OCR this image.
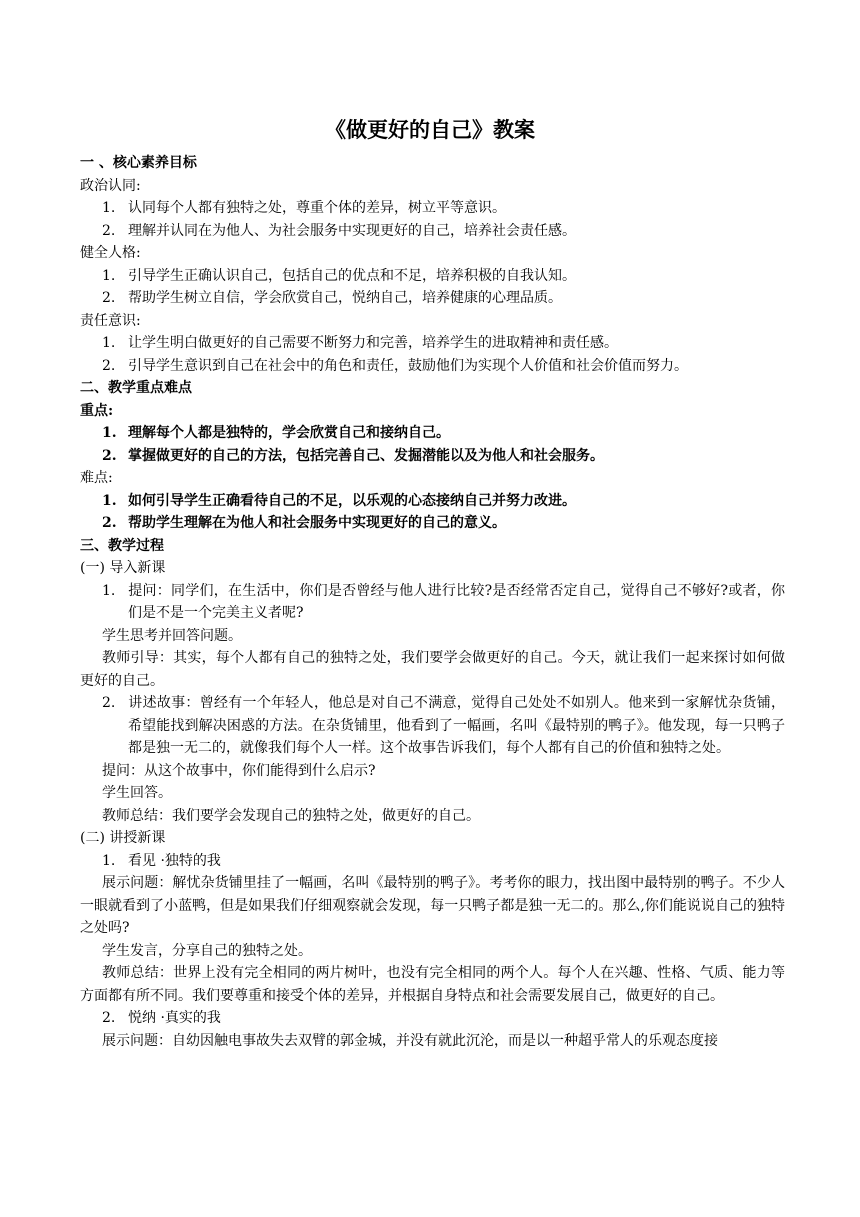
《做更好的自己》教案
一 、核心素养目标
政治认同:
1. 认同每个人都有独特之处，尊重个体的差异，树立平等意识。
2. 理解并认同在为他人、为社会服务中实现更好的自己，培养社会责任感。
健全人格:
1. 引导学生正确认识自己，包括自己的优点和不足，培养积极的自我认知。
2. 帮助学生树立自信，学会欣赏自己，悦纳自己，培养健康的心理品质。
责任意识:
1. 让学生明白做更好的自己需要不断努力和完善，培养学生的进取精神和责任感。
2. 引导学生意识到自己在社会中的角色和责任，鼓励他们为实现个人价值和社会价值而努力。
二、教学重点难点
重点:
1. 理解每个人都是独特的，学会欣赏自己和接纳自己。
2. 掌握做更好的自己的方法，包括完善自己、发掘潜能以及为他人和社会服务。
难点:
1. 如何引导学生正确看待自己的不足，以乐观的心态接纳自己并努力改进。
2. 帮助学生理解在为他人和社会服务中实现更好的自己的意义。
三、教学过程
(一) 导入新课
1. 提问：同学们，在生活中，你们是否曾经与他人进行比较?是否经常否定自己，觉得自己不够好?或者，你们是不是一个完美主义者呢?
学生思考并回答问题。
教师引导：其实，每个人都有自己的独特之处，我们要学会做更好的自己。今天，就让我们一起来探讨如何做更好的自己。
2. 讲述故事：曾经有一个年轻人，他总是对自己不满意，觉得自己处处不如别人。他来到一家解忧杂货铺，希望能找到解决困惑的方法。在杂货铺里，他看到了一幅画，名叫《最特别的鸭子》。他发现，每一只鸭子都是独一无二的，就像我们每个人一样。这个故事告诉我们，每个人都有自己的价值和独特之处。
提问：从这个故事中，你们能得到什么启示?
学生回答。
教师总结：我们要学会发现自己的独特之处，做更好的自己。
(二) 讲授新课
1. 看见 ·独特的我
展示问题：解忧杂货铺里挂了一幅画，名叫《最特别的鸭子》。考考你的眼力，找出图中最特别的鸭子。不少人一眼就看到了小蓝鸭，但是如果我们仔细观察就会发现，每一只鸭子都是独一无二的。那么,你们能说说自己的独特之处吗?
学生发言，分享自己的独特之处。
教师总结：世界上没有完全相同的两片树叶，也没有完全相同的两个人。每个人在兴趣、性格、气质、能力等方面都有所不同。我们要尊重和接受个体的差异，并根据自身特点和社会需要发展自己，做更好的自己。
2. 悦纳 ·真实的我
展示问题：自幼因触电事故失去双臂的郭金城，并没有就此沉沦，而是以一种超乎常人的乐观态度接
